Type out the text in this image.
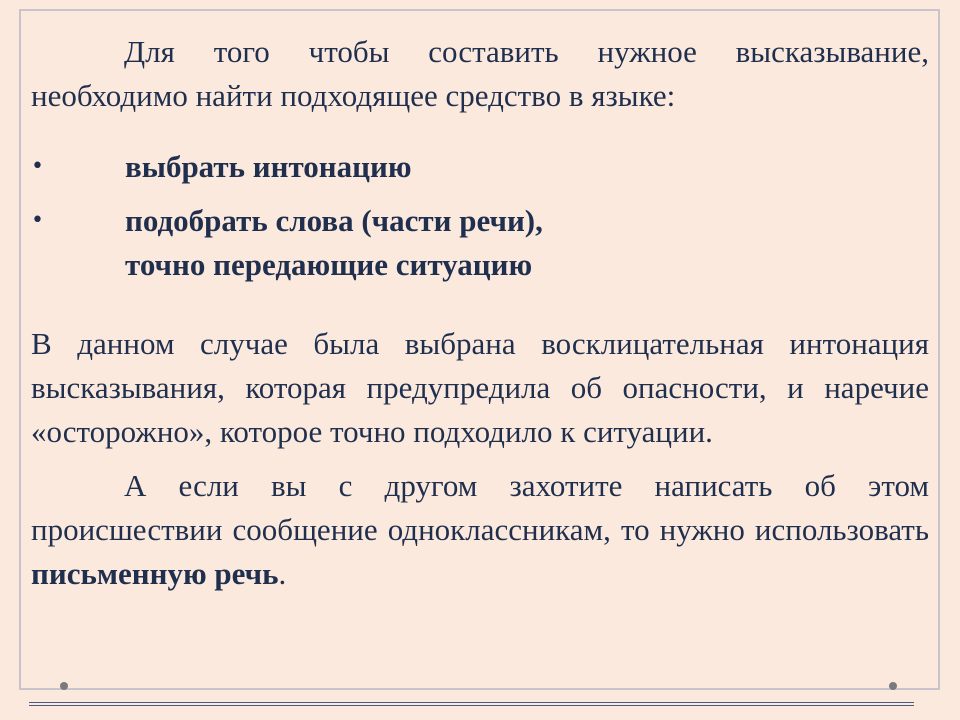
Для того чтобы составить нужное высказывание, необходимо найти подходящее средство в языке:

•	выбрать интонацию
•	подобрать слова (части речи),
точно передающие ситуацию

В данном случае была выбрана восклицательная интонация высказывания, которая предупредила об опасности, и наречие «осторожно», которое точно подходило к ситуации.

А если вы с другом захотите написать об этом происшествии сообщение одноклассникам, то нужно использовать письменную речь.
